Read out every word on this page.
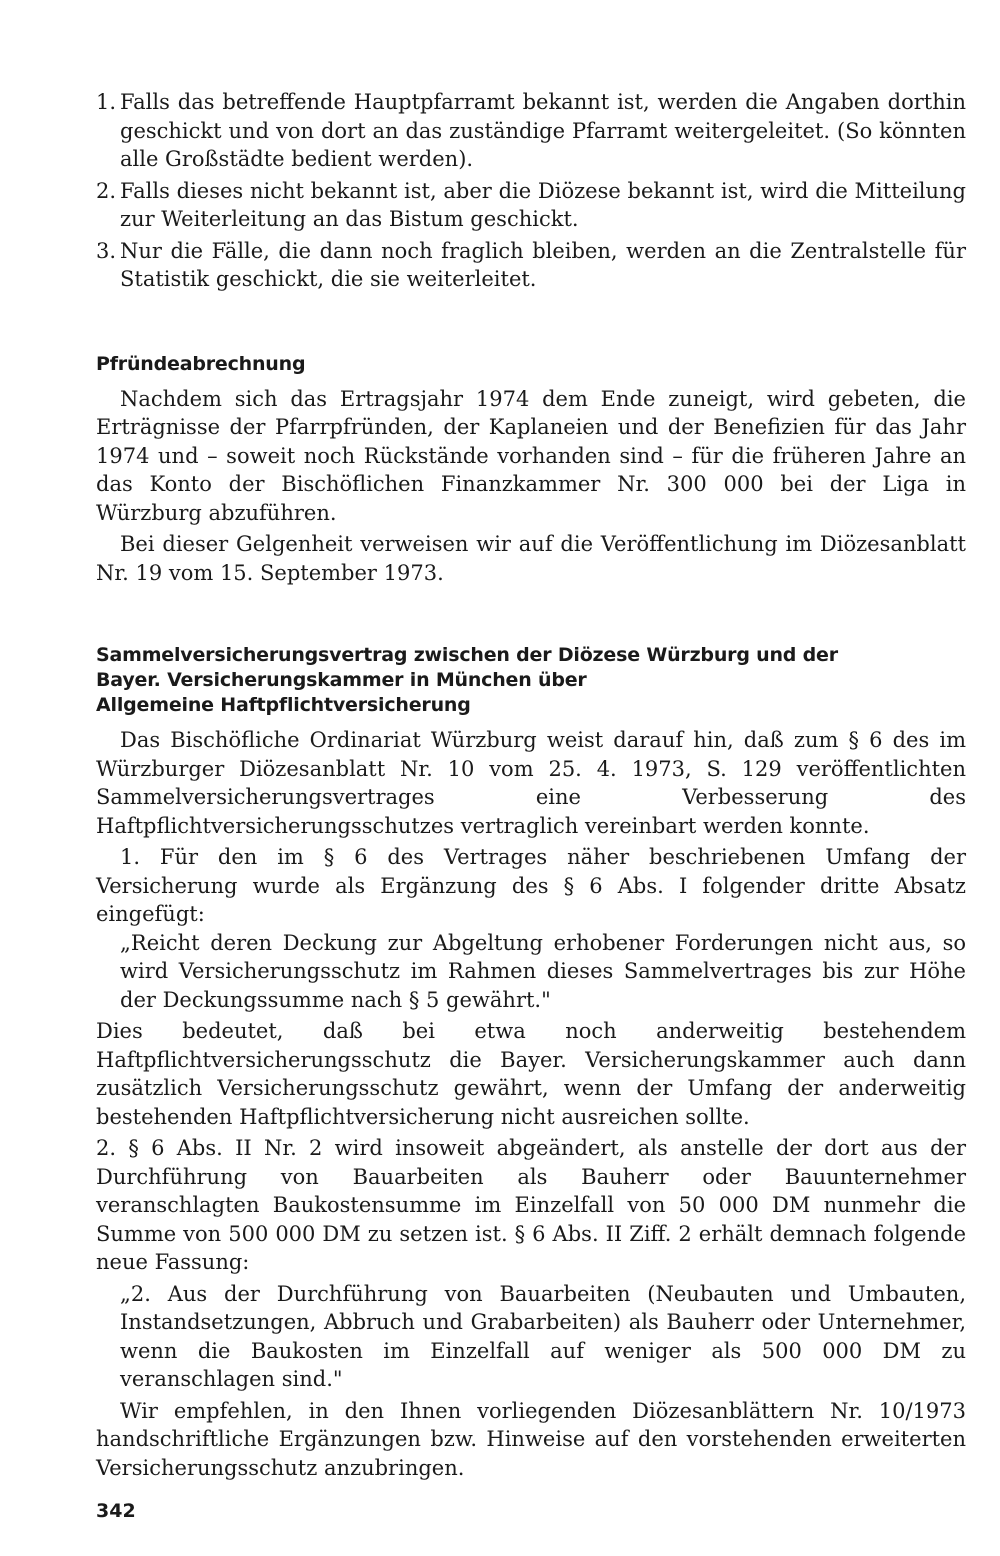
1. Falls das betreffende Hauptpfarramt bekannt ist, werden die Angaben dorthin geschickt und von dort an das zuständige Pfarramt weitergeleitet. (So könnten alle Großstädte bedient werden).

2. Falls dieses nicht bekannt ist, aber die Diözese bekannt ist, wird die Mitteilung zur Weiterleitung an das Bistum geschickt.

3. Nur die Fälle, die dann noch fraglich bleiben, werden an die Zentralstelle für Statistik geschickt, die sie weiterleitet.

Pfründeabrechnung

Nachdem sich das Ertragsjahr 1974 dem Ende zuneigt, wird gebeten, die Erträgnisse der Pfarrpfründen, der Kaplaneien und der Benefizien für das Jahr 1974 und – soweit noch Rückstände vorhanden sind – für die früheren Jahre an das Konto der Bischöflichen Finanzkammer Nr. 300 000 bei der Liga in Würzburg abzuführen.

Bei dieser Gelgenheit verweisen wir auf die Veröffentlichung im Diözesanblatt Nr. 19 vom 15. September 1973.

Sammelversicherungsvertrag zwischen der Diözese Würzburg und der
Bayer. Versicherungskammer in München über
Allgemeine Haftpflichtversicherung

Das Bischöfliche Ordinariat Würzburg weist darauf hin, daß zum § 6 des im Würzburger Diözesanblatt Nr. 10 vom 25. 4. 1973, S. 129 veröffentlichten Sammelversicherungsvertrages eine Verbesserung des Haftpflichtversicherungsschutzes vertraglich vereinbart werden konnte.

1. Für den im § 6 des Vertrages näher beschriebenen Umfang der Versicherung wurde als Ergänzung des § 6 Abs. I folgender dritte Absatz eingefügt:

„Reicht deren Deckung zur Abgeltung erhobener Forderungen nicht aus, so wird Versicherungsschutz im Rahmen dieses Sammelvertrages bis zur Höhe der Deckungssumme nach § 5 gewährt."

Dies bedeutet, daß bei etwa noch anderweitig bestehendem Haftpflichtversicherungsschutz die Bayer. Versicherungskammer auch dann zusätzlich Versicherungsschutz gewährt, wenn der Umfang der anderweitig bestehenden Haftpflichtversicherung nicht ausreichen sollte.

2. § 6 Abs. II Nr. 2 wird insoweit abgeändert, als anstelle der dort aus der Durchführung von Bauarbeiten als Bauherr oder Bauunternehmer veranschlagten Baukostensumme im Einzelfall von 50 000 DM nunmehr die Summe von 500 000 DM zu setzen ist. § 6 Abs. II Ziff. 2 erhält demnach folgende neue Fassung:

„2. Aus der Durchführung von Bauarbeiten (Neubauten und Umbauten, Instandsetzungen, Abbruch und Grabarbeiten) als Bauherr oder Unternehmer, wenn die Baukosten im Einzelfall auf weniger als 500 000 DM zu veranschlagen sind."

Wir empfehlen, in den Ihnen vorliegenden Diözesanblättern Nr. 10/1973 handschriftliche Ergänzungen bzw. Hinweise auf den vorstehenden erweiterten Versicherungsschutz anzubringen.

342
